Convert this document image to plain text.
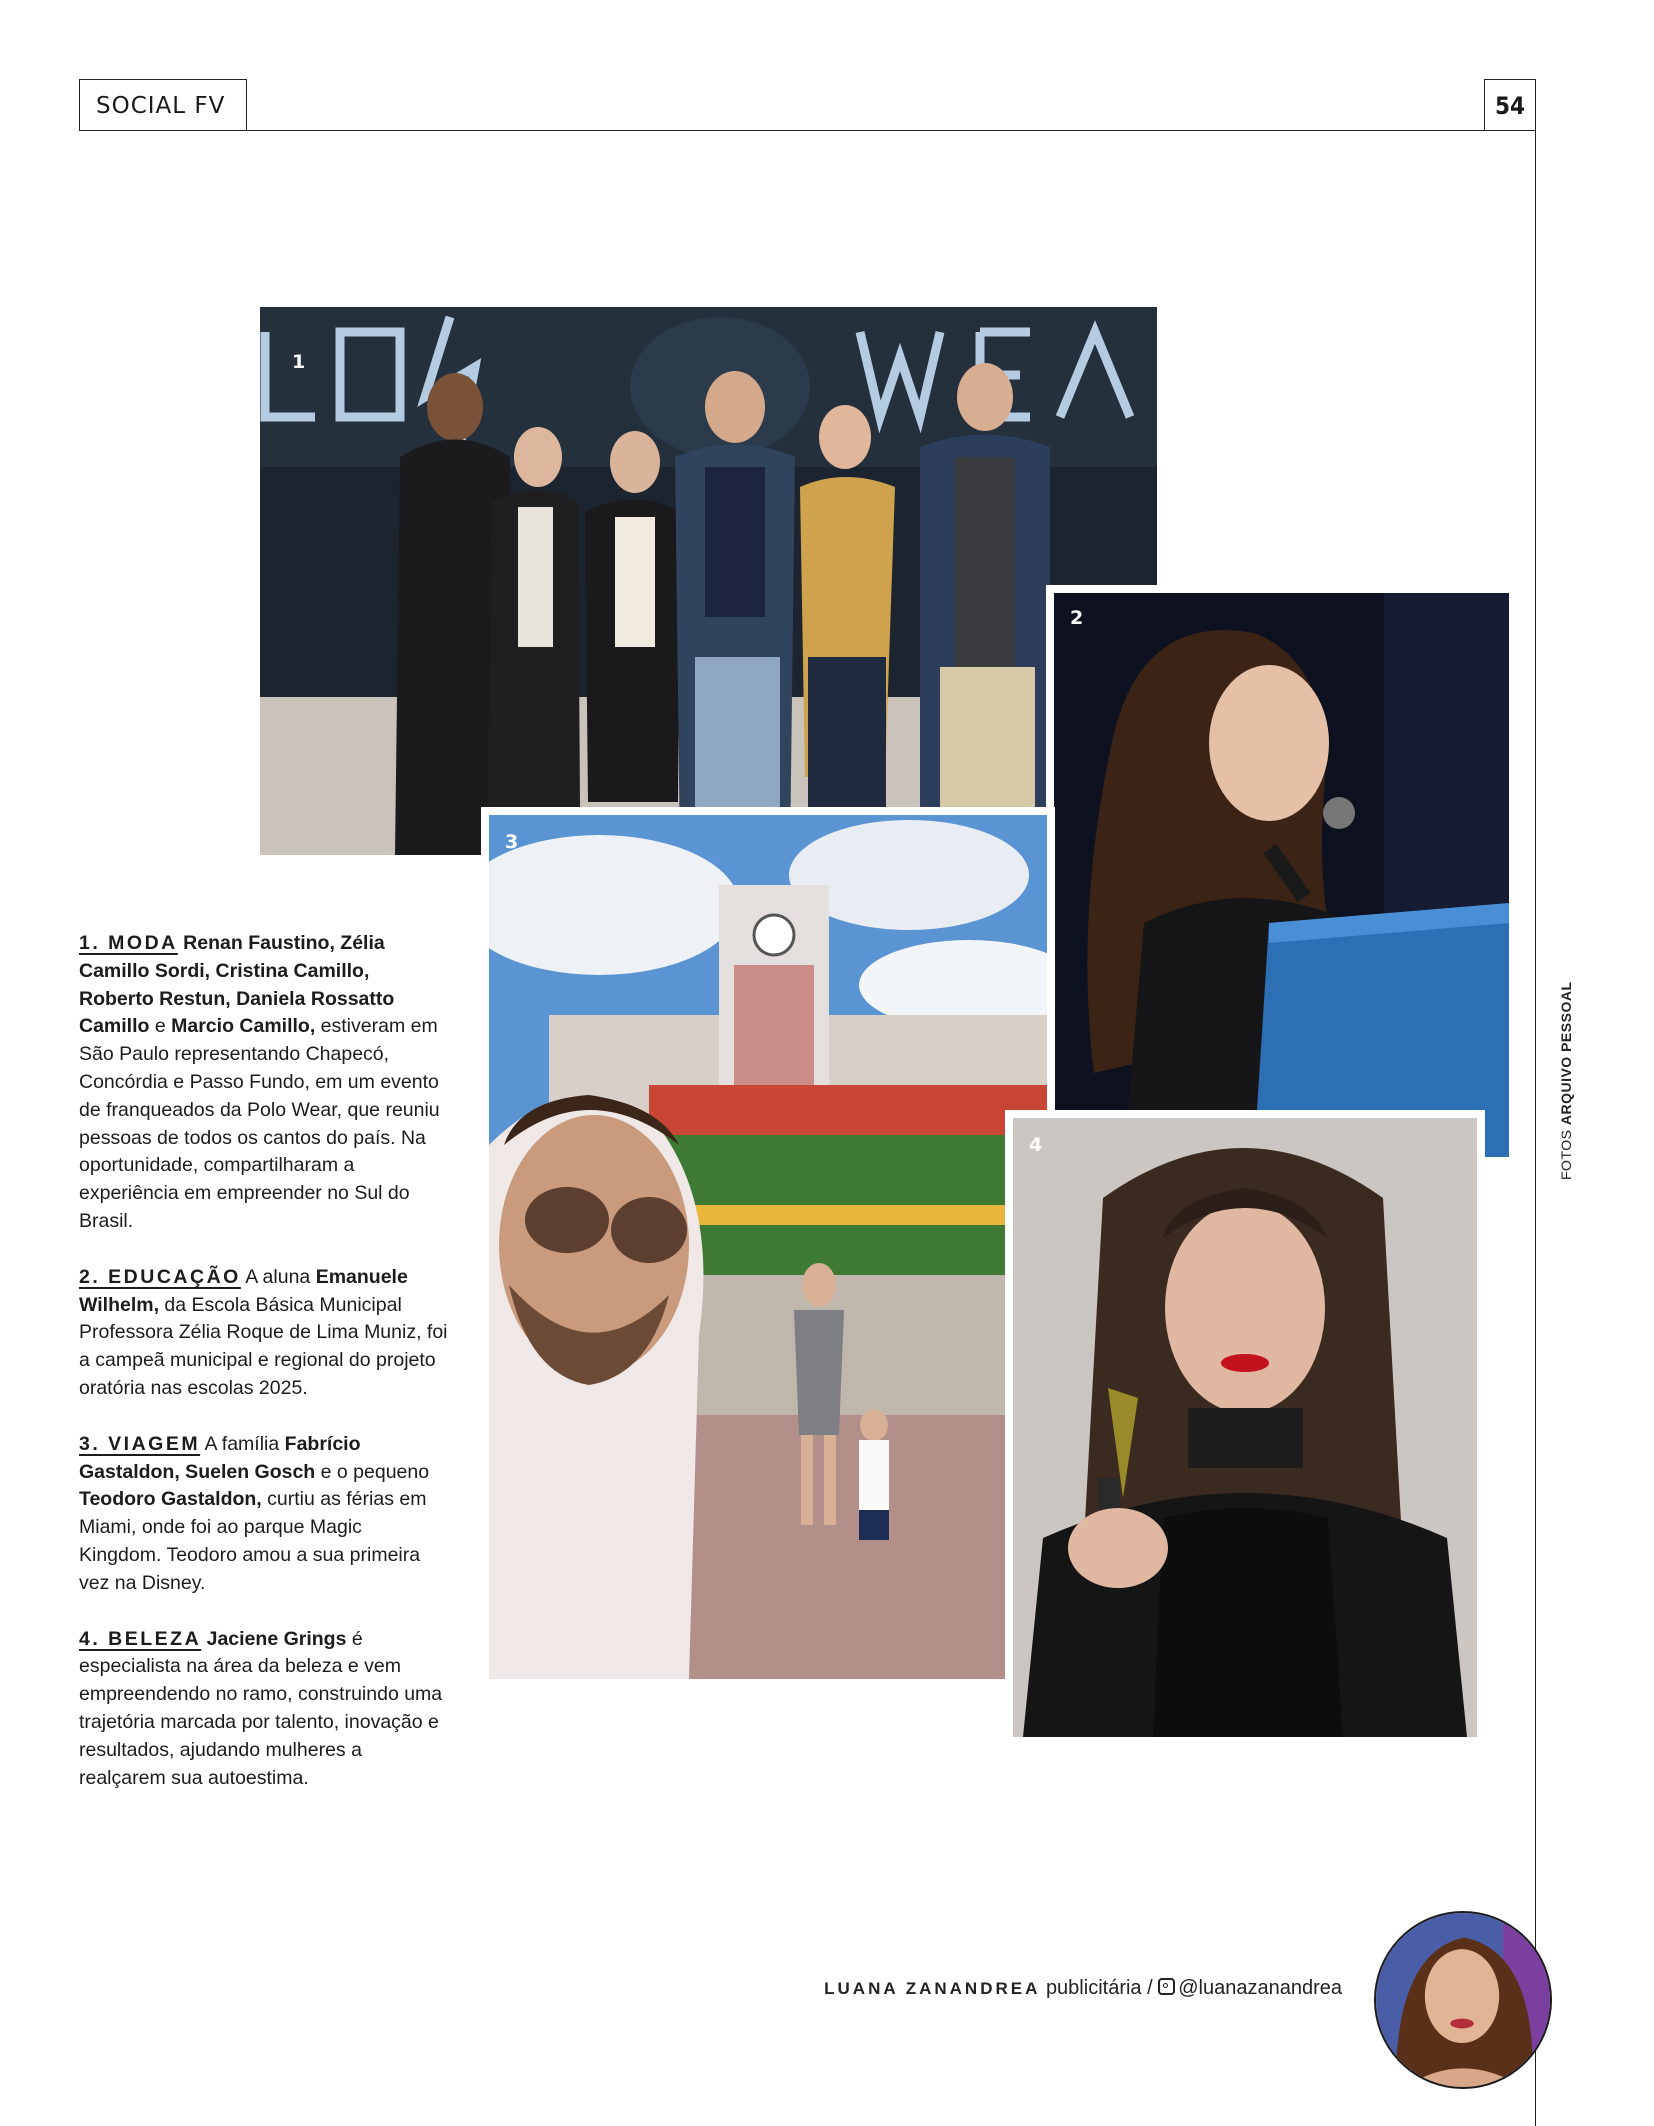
SOCIAL FV	54
1
2
3
4

1. MODA Renan Faustino, Zélia Camillo Sordi, Cristina Camillo, Roberto Restun, Daniela Rossatto Camillo e Marcio Camillo, estiveram em São Paulo representando Chapecó, Concórdia e Passo Fundo, em um evento de franqueados da Polo Wear, que reuniu pessoas de todos os cantos do país. Na oportunidade, compartilharam a experiência em empreender no Sul do Brasil.

2. EDUCAÇÃO A aluna Emanuele Wilhelm, da Escola Básica Municipal Professora Zélia Roque de Lima Muniz, foi a campeã municipal e regional do projeto oratória nas escolas 2025.

3. VIAGEM A família Fabrício Gastaldon, Suelen Gosch e o pequeno Teodoro Gastaldon, curtiu as férias em Miami, onde foi ao parque Magic Kingdom. Teodoro amou a sua primeira vez na Disney.

4. BELEZA Jaciene Grings é especialista na área da beleza e vem empreendendo no ramo, construindo uma trajetória marcada por talento, inovação e resultados, ajudando mulheres a realçarem sua autoestima.

FOTOS ARQUIVO PESSOAL
LUANA ZANANDREA publicitária / @luanazanandrea
